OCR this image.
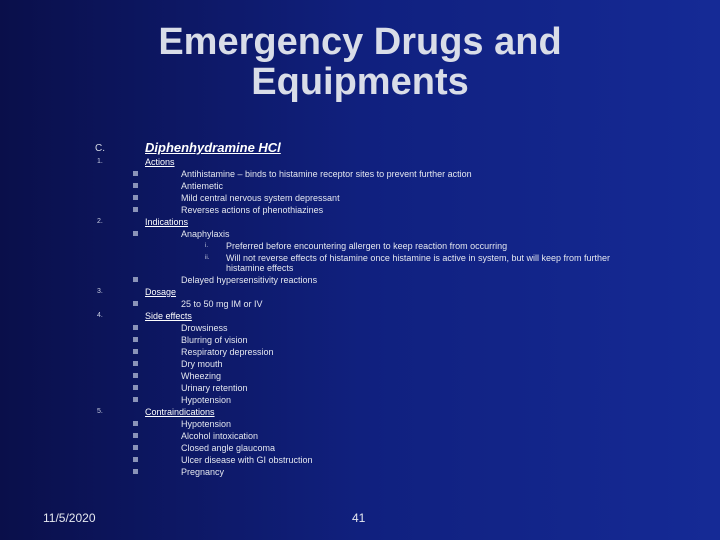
Emergency Drugs and
Equipments
C.	Diphenhydramine HCl
1.	Actions
Antihistamine – binds to histamine receptor sites to prevent further action
Antiemetic
Mild central nervous system depressant
Reverses actions of phenothiazines
2.	Indications
Anaphylaxis
i. Preferred before encountering allergen to keep reaction from occurring
ii. Will not reverse effects of histamine once histamine is active in system, but will keep from further
histamine effects
Delayed hypersensitivity reactions
3.	Dosage
25 to 50 mg IM or IV
4.	Side effects
Drowsiness
Blurring of vision
Respiratory depression
Dry mouth
Wheezing
Urinary retention
Hypotension
5.	Contraindications
Hypotension
Alcohol intoxication
Closed angle glaucoma
Ulcer disease with GI obstruction
Pregnancy
11/5/2020	41
